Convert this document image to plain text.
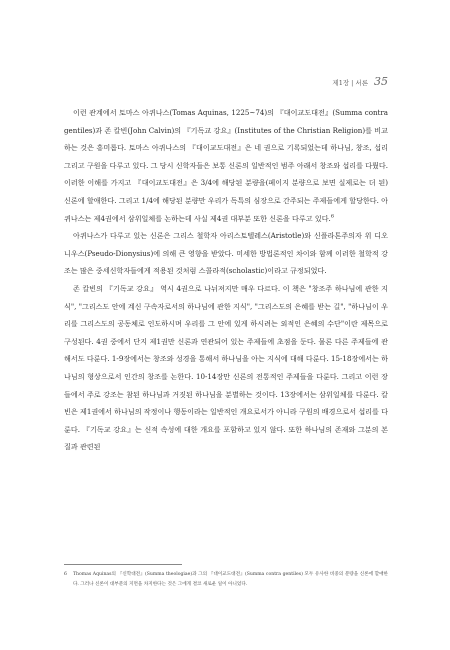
제1장 | 서론 35

이런 관계에서 토마스 아퀴나스(Tomas Aquinas, 1225~74)의 『대이교도대전』(Summa contra gentiles)과 존 칼빈(John Calvin)의 『기독교 강요』(Institutes of the Christian Religion)를 비교하는 것은 흥미롭다. 토마스 아퀴나스의 『대이교도대전』은 네 권으로 기록되었는데 하나님, 창조, 섭리 그리고 구원을 다루고 있다. 그 당시 신학자들은 보통 신론의 일반적인 범주 아래서 창조와 섭리를 다뤘다. 이러한 이해를 가지고 『대이교도대전』은 3/4에 해당된 분량을(페이지 분량으로 보면 실제로는 더 된) 신론에 할애한다. 그리고 1/4에 해당된 분량만 우리가 독특의 심장으로 간주되는 주제들에게 할당한다. 아퀴나스는 제4권에서 삼위일체를 논하는데 사실 제4권 대부분 또한 신론을 다루고 있다.$^6$

아퀴나스가 다루고 있는 신론은 그리스 철학자 아리스토텔레스(Aristotle)와 신플라톤주의자 위 디오니우스(Pseudo-Dionysius)에 의해 큰 영향을 받았다. 미세한 방법론적인 차이와 함께 이러한 철학적 강조는 많은 중세신학자들에게 적용된 것처럼 스콜라적(scholastic)이라고 규정되었다.

존 칼빈의 『기독교 강요』 역시 4권으로 나뉘져지만 매우 다르다. 이 책은 "창조주 하나님에 관한 지식", "그리스도 안에 계신 구속자로서의 하나님에 관한 지식", "그리스도의 은혜를 받는 길", "하나님이 우리를 그리스도의 공동체로 인도하시며 우리를 그 안에 있게 하시려는 외적인 은혜의 수단"이란 제목으로 구성된다. 4권 중에서 단지 제1권만 신론과 연관되어 있는 주제들에 초점을 둔다. 물론 다른 주제들에 관해서도 다룬다. 1-9장에서는 창조와 성경을 통해서 하나님을 아는 지식에 대해 다룬다. 15-18장에서는 하나님의 형상으로서 인간의 창조를 논한다. 10-14장만 신론의 전통적인 주제들을 다룬다. 그리고 이런 장들에서 주로 강조는 참된 하나님과 거짓된 하나님을 분별하는 것이다. 13장에서는 삼위일체를 다룬다. 칼빈은 제1권에서 하나님의 작정이나 행동이라는 일반적인 개요로서가 아니라 구원의 배경으로서 섭리를 다룬다. 『기독교 강요』는 신적 속성에 대한 개요를 포함하고 있지 않다. 또한 하나님의 존재와 그분의 본질과 관련된

6 Thomas Aquinas의 『신학대전』(Summa theologiae)과 그의 『대이교도대전』(Summa contra gentiles) 모두 유사한 비중의 분량을 신론에 할애한다. 그러나 신론이 대부분의 지면을 차지한다는 것은 그에게 결코 새로운 일이 아니었다.
